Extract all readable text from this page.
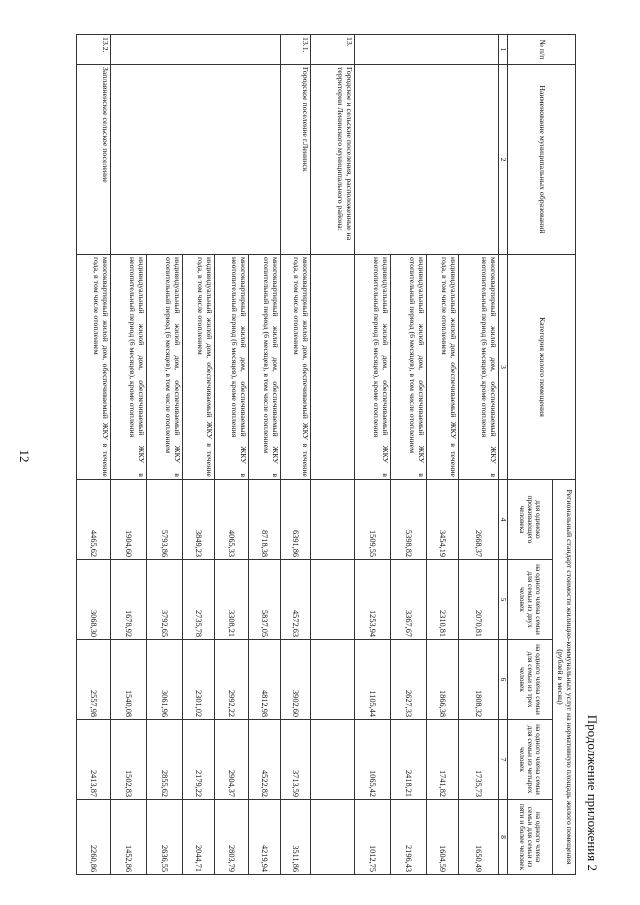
12
Продолжение приложения 2
№ п/п	Наименование муниципальных образований	Категория жилого помещения	Региональный стандарт стоимости жилищно-коммунальных услуг на нормативную площадь жилого помещения (рублей в месяц)				
			для одиноко проживающего человека	на одного члена семьи для семьи из двух человек	на одного члена семьи для семьи из трех человек	на одного члена семьи для семьи из четырех человек	на одного члена семьи для семьи из пяти и более человек
1	2	3	4	5	6	7	8
		многоквартирный жилой дом, обеспечиваемый ЖКУ в неотопительный период (6 месяцев), кроме отопления	2668,37	2070,81	1808,32	1735,73	1650,49
		индивидуальный жилой дом, обеспечиваемый ЖКУ в течение года, в том числе отоплением	3454,19	2310,81	1866,38	1741,82	1604,59
		индивидуальный жилой дом, обеспечиваемый ЖКУ в отопительный период (6 месяцев), в том числе отоплением	5398,82	3367,67	2627,33	2418,21	2196,43
		индивидуальный жилой дом, обеспечиваемый ЖКУ в неотопительный период (6 месяцев), кроме отопления	1509,55	1253,94	1105,44	1065,42	1012,75
13.	Городское и сельские поселения, расположенные на территории Ленинского муниципального района:						
13.1.	Городское поселение г.Ленинск	многоквартирный жилой дом, обеспечиваемый ЖКУ в течение года, в том числе отоплением	6391,86	4572,63	3902,60	3713,59	3511,86
		многоквартирный жилой дом, обеспечиваемый ЖКУ в отопительный период (6 месяцев), в том числе отоплением	8718,38	5837,05	4812,98	4522,82	4219,94
		многоквартирный жилой дом, обеспечиваемый ЖКУ в неотопительный период (6 месяцев), кроме отопления	4065,33	3308,21	2992,22	2904,37	2803,79
		индивидуальный жилой дом, обеспечиваемый ЖКУ в течение года, в том числе отоплением	3849,23	2735,78	2301,02	2179,22	2044,71
		индивидуальный жилой дом, обеспечиваемый ЖКУ в отопительный период (6 месяцев), в том числе отоплением	5793,86	3792,65	3061,96	2855,62	2636,55
		индивидуальный жилой дом, обеспечиваемый ЖКУ в неотопительный период (6 месяцев), кроме отопления	1904,60	1678,92	1540,08	1502,83	1452,86
13.2.	Заплавненское сельское поселение	многоквартирный жилой дом, обеспечиваемый ЖКУ в течение года, в том числе отоплением	4465,62	3068,30	2557,98	2413,87	2260,86
